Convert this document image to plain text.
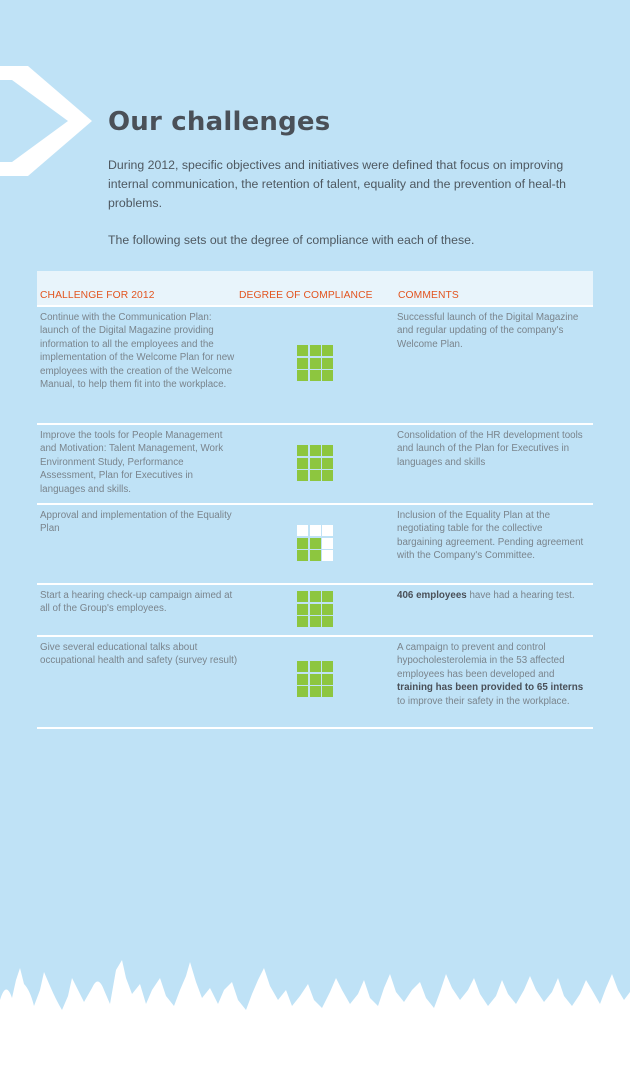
Our challenges

During 2012, specific objectives and initiatives were defined that focus on improving internal communication, the retention of talent, equality and the prevention of heal-th problems.

The following sets out the degree of compliance with each of these.

CHALLENGE FOR 2012	DEGREE OF COMPLIANCE COMMENTS
Continue with the Communication Plan: launch of the Digital Magazine providing information to all the employees and the implementation of the Welcome Plan for new employees with the creation of the Welcome Manual, to help them fit into the workplace.
Successful launch of the Digital Magazine and regular updating of the company's Welcome Plan.
Improve the tools for People Management and Motivation: Talent Management, Work Environment Study, Performance Assessment, Plan for Executives in languages and skills.
Consolidation of the HR development tools and launch of the Plan for Executives in languages and skills
Approval and implementation of the Equality Plan
Inclusion of the Equality Plan at the negotiating table for the collective bargaining agreement. Pending agreement with the Company's Committee.
Start a hearing check-up campaign aimed at all of the Group's employees.
406 employees have had a hearing test.
Give several educational talks about occupational health and safety (survey result)
A campaign to prevent and control hypocholesterolemia in the 53 affected employees has been developed and training has been provided to 65 interns to improve their safety in the workplace.
